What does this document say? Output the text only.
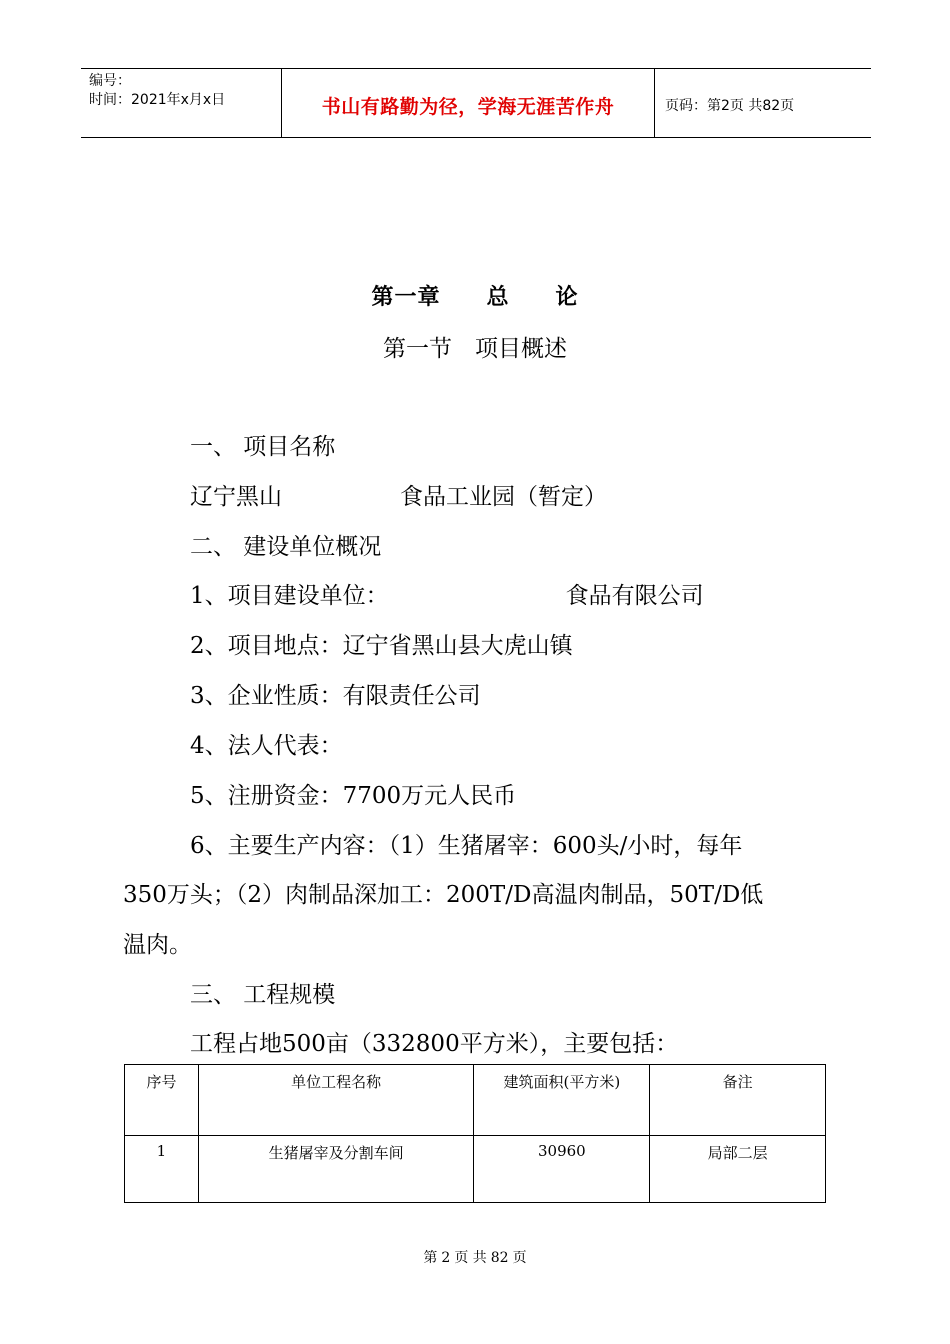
编号：
时间：2021年x月x日	书山有路勤为径，学海无涯苦作舟	页码：第2页 共82页
第一章　　总　　论
第一节　项目概述
一、 项目名称
辽宁黑山	食品工业园（暂定）
二、 建设单位概况
1、项目建设单位：	食品有限公司
2、项目地点：辽宁省黑山县大虎山镇
3、企业性质：有限责任公司
4、法人代表：
5、注册资金：7700万元人民币
6、主要生产内容：（1）生猪屠宰：600头/小时，每年
350万头；（2）肉制品深加工：200T/D高温肉制品，50T/D低
温肉。
三、 工程规模
工程占地500亩（332800平方米），主要包括：
序号	单位工程名称	建筑面积(平方米)	备注
1	生猪屠宰及分割车间	30960	局部二层
第 2 页 共 82 页
